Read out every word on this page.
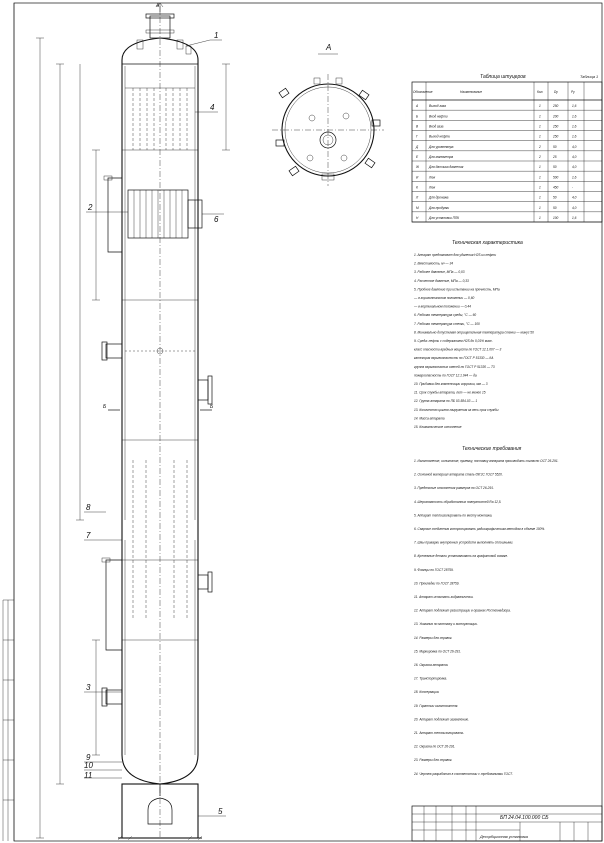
А
Б	Б
1
2
3
4
5
6
7
8
9
10
11
А
Таблица штуцеров	Таблица 1
А	Выход газа	1	250	1,6
Б	Вход нефти	1	200	1,6
В	Вход газа	1	250	1,6
Г	Выход нефти	1	250	1,6
Д	Для уровнемера	2	50	4,0
Е	Для манометра	2	25	4,0
Ж	Для датчика давления	1	50	4,0
И	Люк	1	500	1,6
К	Люк	1	450	-
Л	Для дренажа	1	50	4,0
М	Для продувки	1	50	4,0
Н	Для установки ППК	1	100	1,6
Обозначение	Наименование	Кол.	Dу	Pу
Техническая характеристика
1. Аппарат предназначен для удаления H2S из нефти
2. Вместимость, м³ — 34
3. Рабочее давление, МПа — 0,03
4. Расчетное давление, МПа — 0,33
5. Пробное давление при испытании на прочность, МПа
— в горизонтальном положении — 0,60
— в вертикальном положении — 0,44
6. Рабочая температура среды, °С — 60
7. Рабочая температура стенки, °С — 100
8. Минимально допустимая отрицательная температура стенки — минус 50
9. Среда: нефть с содержанием H2S до 0,01% масс.
класс опасности вредных веществ по ГОСТ 12.1.007 — 3
категория взрывоопасности по ГОСТ Р 51330 — IIА
группа взрывоопасных смесей по ГОСТ Р 51330 — Т3
пожароопасность по ГОСТ 12.1.044 — да
10. Прибавка для компенсации коррозии, мм — 3
11. Срок службы аппарата, лет — не менее 15
12. Группа аппарата по ПБ 03-584-03 — 1
13. Количество циклов нагружения за весь срок службы
14. Масса аппарата
15. Климатическое исполнение
Технические требования
1. Изготовление, испытание, приемку, поставку аппарата производить согласно ОСТ 26-291.
2. Основной материал аппарата сталь 09Г2С ГОСТ 5520.
3. Предельные отклонения размеров по ОСТ 26-291.
4. Шероховатость обработанных поверхностей Ra 12,5.
5. Аппарат теплоизолировать по месту монтажа.
6. Сварные соединения контролировать радиографическим методом в объеме 100%.
7. Швы приварки внутренних устройств выполнять сплошными.
8. Крепежные детали устанавливать на графитовой смазке.
9. Фланцы по ГОСТ 28759.
10. Прокладки по ГОСТ 28759.
11. Аппарат испытать гидравлически.
12. Аппарат подлежит регистрации в органах Ростехнадзора.
13. Указания по монтажу и эксплуатации.
14. Размеры для справок.
15. Маркировка по ОСТ 26-291.
16. Окраска аппарата.
17. Транспортировка.
18. Консервация.
19. Гарантии изготовителя.
20. Аппарат подлежит заземлению.
21. Аппарат теплоизолировать.
22. Окраска по ОСТ 26-291.
23. Размеры для справок.
24. Чертеж разработан в соответствии с требованиями ГОСТ.
БП 24.04.100.000 СБ
Десорбционная установка
